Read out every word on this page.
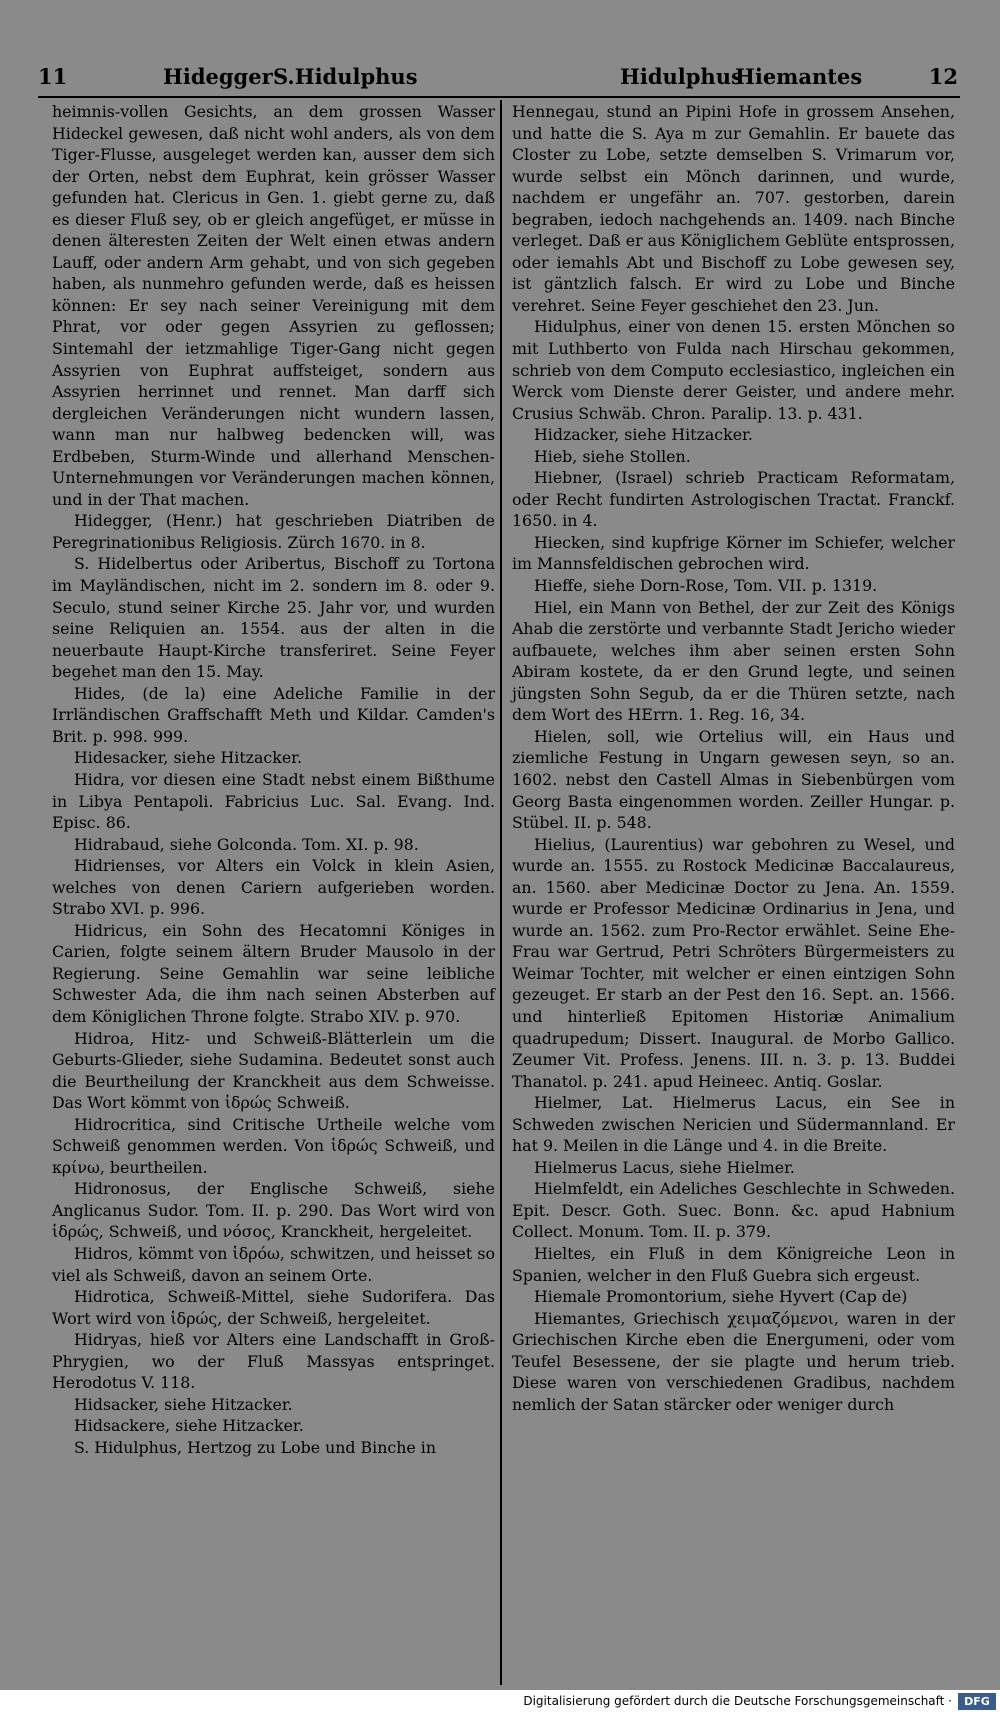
11	Hidegger S.Hidulphus	Hidulphus
Hiemantes	12

heimnis-vollen Gesichts, an dem grossen Wasser Hideckel gewesen, daß nicht wohl anders, als von dem Tiger-Flusse, ausgeleget werden kan, ausser dem sich der Orten, nebst dem Euphrat, kein grösser Wasser gefunden hat. Clericus in Gen. 1. giebt gerne zu, daß es dieser Fluß sey, ob er gleich angefüget, er müsse in denen älteresten Zeiten der Welt einen etwas andern Lauff, oder andern Arm gehabt, und von sich gegeben haben, als nunmehro gefunden werde, daß es heissen können: Er sey nach seiner Vereinigung mit dem Phrat, vor oder gegen Assyrien zu geflossen; Sintemahl der ietzmahlige Tiger-Gang nicht gegen Assyrien von Euphrat auffsteiget, sondern aus Assyrien herrinnet und rennet. Man darff sich dergleichen Veränderungen nicht wundern lassen, wann man nur halbweg bedencken will, was Erdbeben, Sturm-Winde und allerhand Menschen-Unternehmungen vor Veränderungen machen können, und in der That machen.

Hidegger, (Henr.) hat geschrieben Diatriben de Peregrinationibus Religiosis. Zürch 1670. in 8.

S. Hidelbertus oder Aribertus, Bischoff zu Tortona im Mayländischen, nicht im 2. sondern im 8. oder 9. Seculo, stund seiner Kirche 25. Jahr vor, und wurden seine Reliquien an. 1554. aus der alten in die neuerbaute Haupt-Kirche transferiret. Seine Feyer begehet man den 15. May.

Hides, (de la) eine Adeliche Familie in der Irrländischen Graffschafft Meth und Kildar. Camden's Brit. p. 998. 999.

Hidesacker, siehe Hitzacker.

Hidra, vor diesen eine Stadt nebst einem Bißthume in Libya Pentapoli. Fabricius Luc. Sal. Evang. Ind. Episc. 86.

Hidrabaud, siehe Golconda. Tom. XI. p. 98.

Hidrienses, vor Alters ein Volck in klein Asien, welches von denen Cariern aufgerieben worden. Strabo XVI. p. 996.

Hidricus, ein Sohn des Hecatomni Königes in Carien, folgte seinem ältern Bruder Mausolo in der Regierung. Seine Gemahlin war seine leibliche Schwester Ada, die ihm nach seinen Absterben auf dem Königlichen Throne folgte. Strabo XIV. p. 970.

Hidroa, Hitz- und Schweiß-Blätterlein um die Geburts-Glieder, siehe Sudamina. Bedeutet sonst auch die Beurtheilung der Kranckheit aus dem Schweisse. Das Wort kömmt von ἱδρώς Schweiß.

Hidrocritica, sind Critische Urtheile welche vom Schweiß genommen werden. Von ἱδρώς Schweiß, und κρίνω, beurtheilen.

Hidronosus, der Englische Schweiß, siehe Anglicanus Sudor. Tom. II. p. 290. Das Wort wird von ἱδρώς, Schweiß, und νόσος, Kranckheit, hergeleitet.

Hidros, kömmt von ἱδρόω, schwitzen, und heisset so viel als Schweiß, davon an seinem Orte.

Hidrotica, Schweiß-Mittel, siehe Sudorifera. Das Wort wird von ἱδρώς, der Schweiß, hergeleitet.

Hidryas, hieß vor Alters eine Landschafft in Groß-Phrygien, wo der Fluß Massyas entspringet. Herodotus V. 118.

Hidsacker, siehe Hitzacker.

Hidsackere, siehe Hitzacker.

S. Hidulphus, Hertzog zu Lobe und Binche in

Hennegau, stund an Pipini Hofe in grossem Ansehen, und hatte die S. Aya m zur Gemahlin. Er bauete das Closter zu Lobe, setzte demselben S. Vrimarum vor, wurde selbst ein Mönch darinnen, und wurde, nachdem er ungefähr an. 707. gestorben, darein begraben, iedoch nachgehends an. 1409. nach Binche verleget. Daß er aus Königlichem Geblüte entsprossen, oder iemahls Abt und Bischoff zu Lobe gewesen sey, ist gäntzlich falsch. Er wird zu Lobe und Binche verehret. Seine Feyer geschiehet den 23. Jun.

Hidulphus, einer von denen 15. ersten Mönchen so mit Luthberto von Fulda nach Hirschau gekommen, schrieb von dem Computo ecclesiastico, ingleichen ein Werck vom Dienste derer Geister, und andere mehr. Crusius Schwäb. Chron. Paralip. 13. p. 431.

Hidzacker, siehe Hitzacker.

Hieb, siehe Stollen.

Hiebner, (Israel) schrieb Practicam Reformatam, oder Recht fundirten Astrologischen Tractat. Franckf. 1650. in 4.

Hiecken, sind kupfrige Körner im Schiefer, welcher im Mannsfeldischen gebrochen wird.

Hieffe, siehe Dorn-Rose, Tom. VII. p. 1319.

Hiel, ein Mann von Bethel, der zur Zeit des Königs Ahab die zerstörte und verbannte Stadt Jericho wieder aufbauete, welches ihm aber seinen ersten Sohn Abiram kostete, da er den Grund legte, und seinen jüngsten Sohn Segub, da er die Thüren setzte, nach dem Wort des HErrn. 1. Reg. 16, 34.

Hielen, soll, wie Ortelius will, ein Haus und ziemliche Festung in Ungarn gewesen seyn, so an. 1602. nebst den Castell Almas in Siebenbürgen vom Georg Basta eingenommen worden. Zeiller Hungar. p. Stübel. II. p. 548.

Hielius, (Laurentius) war gebohren zu Wesel, und wurde an. 1555. zu Rostock Medicinæ Baccalaureus, an. 1560. aber Medicinæ Doctor zu Jena. An. 1559. wurde er Professor Medicinæ Ordinarius in Jena, und wurde an. 1562. zum Pro-Rector erwählet. Seine Ehe-Frau war Gertrud, Petri Schröters Bürgermeisters zu Weimar Tochter, mit welcher er einen eintzigen Sohn gezeuget. Er starb an der Pest den 16. Sept. an. 1566. und hinterließ Epitomen Historiæ Animalium quadrupedum; Dissert. Inaugural. de Morbo Gallico. Zeumer Vit. Profess. Jenens. III. n. 3. p. 13. Buddei Thanatol. p. 241. apud Heineec. Antiq. Goslar.

Hielmer, Lat. Hielmerus Lacus, ein See in Schweden zwischen Nericien und Südermannland. Er hat 9. Meilen in die Länge und 4. in die Breite.

Hielmerus Lacus, siehe Hielmer.

Hielmfeldt, ein Adeliches Geschlechte in Schweden. Epit. Descr. Goth. Suec. Bonn. &c. apud Habnium Collect. Monum. Tom. II. p. 379.

Hieltes, ein Fluß in dem Königreiche Leon in Spanien, welcher in den Fluß Guebra sich ergeust.

Hiemale Promontorium, siehe Hyvert (Cap de)

Hiemantes, Griechisch χειμαζόμενοι, waren in der Griechischen Kirche eben die Energumeni, oder vom Teufel Besessene, der sie plagte und herum trieb. Diese waren von verschiedenen Gradibus, nachdem nemlich der Satan stärcker oder weniger durch

Digitalisierung gefördert durch die Deutsche Forschungsgemeinschaft ·	DFG
